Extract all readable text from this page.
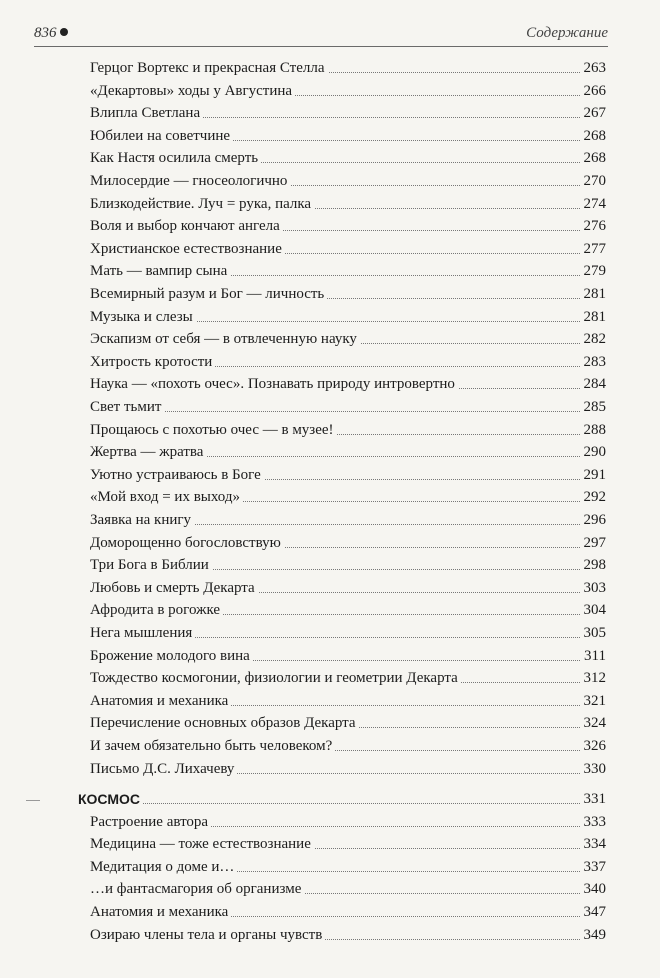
836	Содержание
Герцог Вортекс и прекрасная Стелла	263
«Декартовы» ходы у Августина	266
Влипла Светлана	267
Юбилеи на советчине	268
Как Настя осилила смерть	268
Милосердие — гносеологично	270
Близкодействие. Луч = рука, палка	274
Воля и выбор кончают ангела	276
Христианское естествознание	277
Мать — вампир сына	279
Всемирный разум и Бог — личность	281
Музыка и слезы	281
Эскапизм от себя — в отвлеченную науку	282
Хитрость кротости	283
Наука — «похоть очес». Познавать природу интровертно	284
Свет тьмит	285
Прощаюсь с похотью очес — в музее!	288
Жертва — жратва	290
Уютно устраиваюсь в Боге	291
«Мой вход = их выход»	292
Заявка на книгу	296
Доморощенно богословствую	297
Три Бога в Библии	298
Любовь и смерть Декарта	303
Афродита в рогожке	304
Нега мышления	305
Брожение молодого вина	311
Тождество космогонии, физиологии и геометрии Декарта	312
Анатомия и механика	321
Перечисление основных образов Декарта	324
И зачем обязательно быть человеком?	326
Письмо Д.С. Лихачеву	330
КОСМОС	331
Растроение автора	333
Медицина — тоже естествознание	334
Медитация о доме и…	337
…и фантасмагория об организме	340
Анатомия и механика	347
Озираю члены тела и органы чувств	349
